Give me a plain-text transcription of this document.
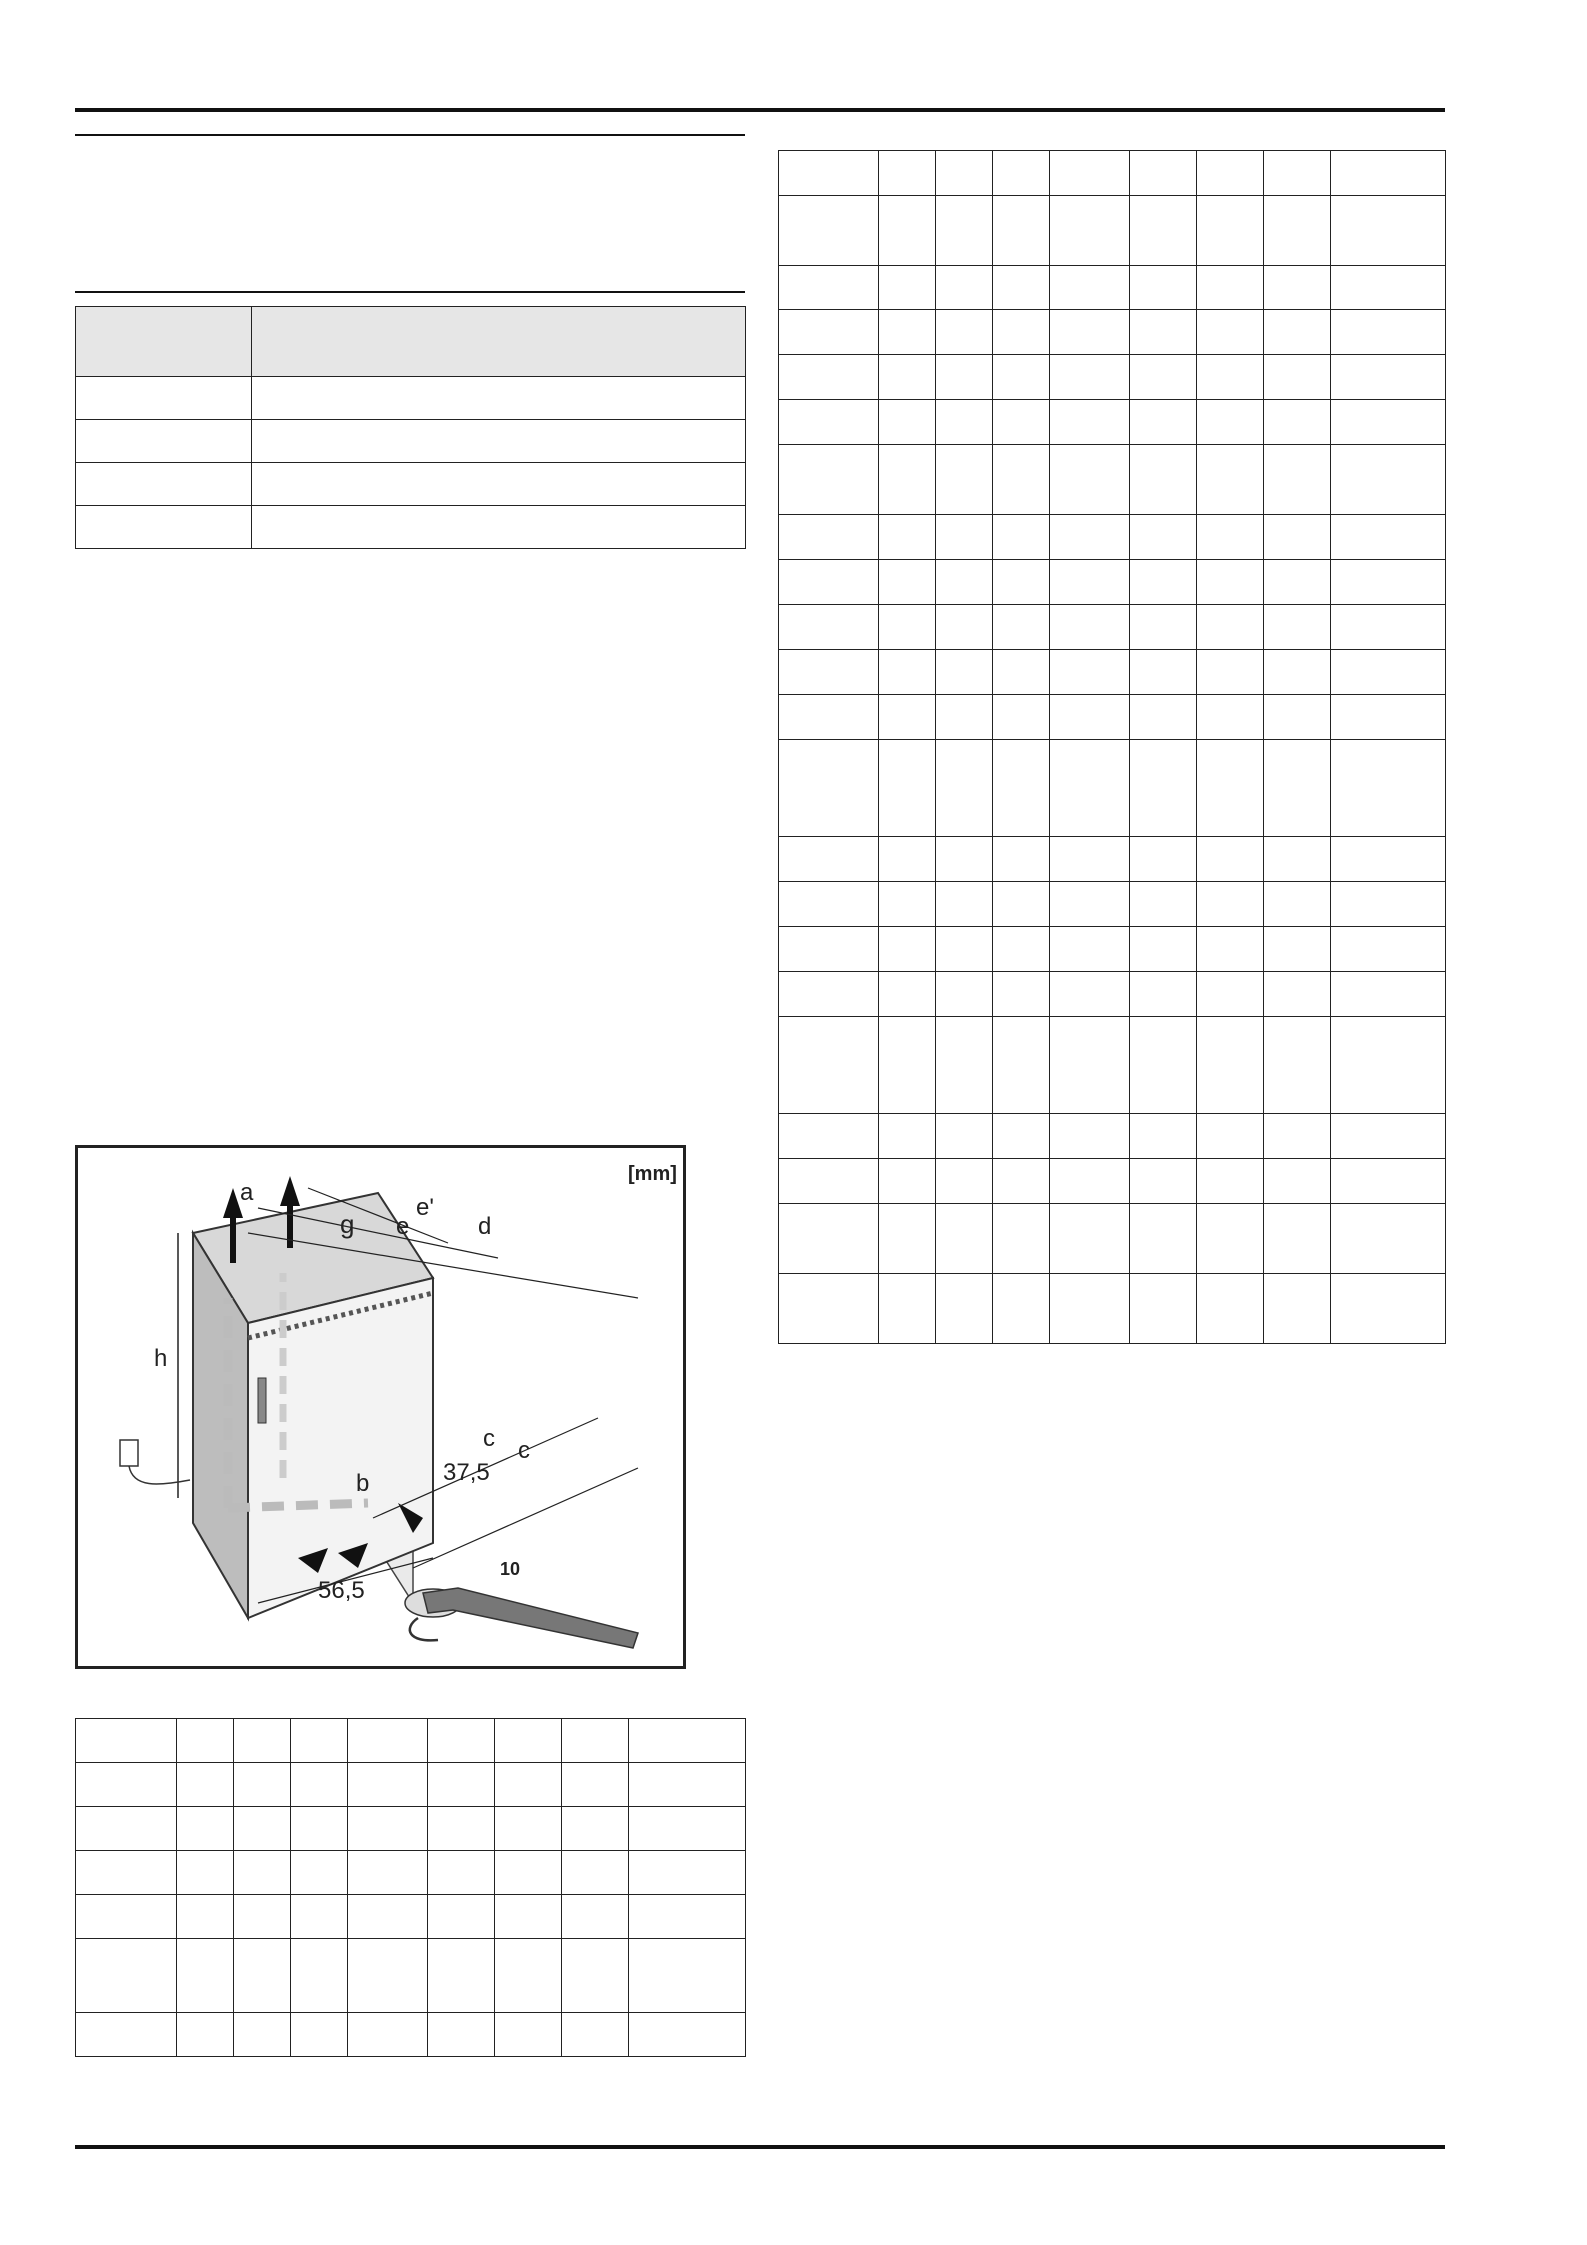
[mm]
a
g e
e'
d
h
b
c c
37,5
56,5
10
